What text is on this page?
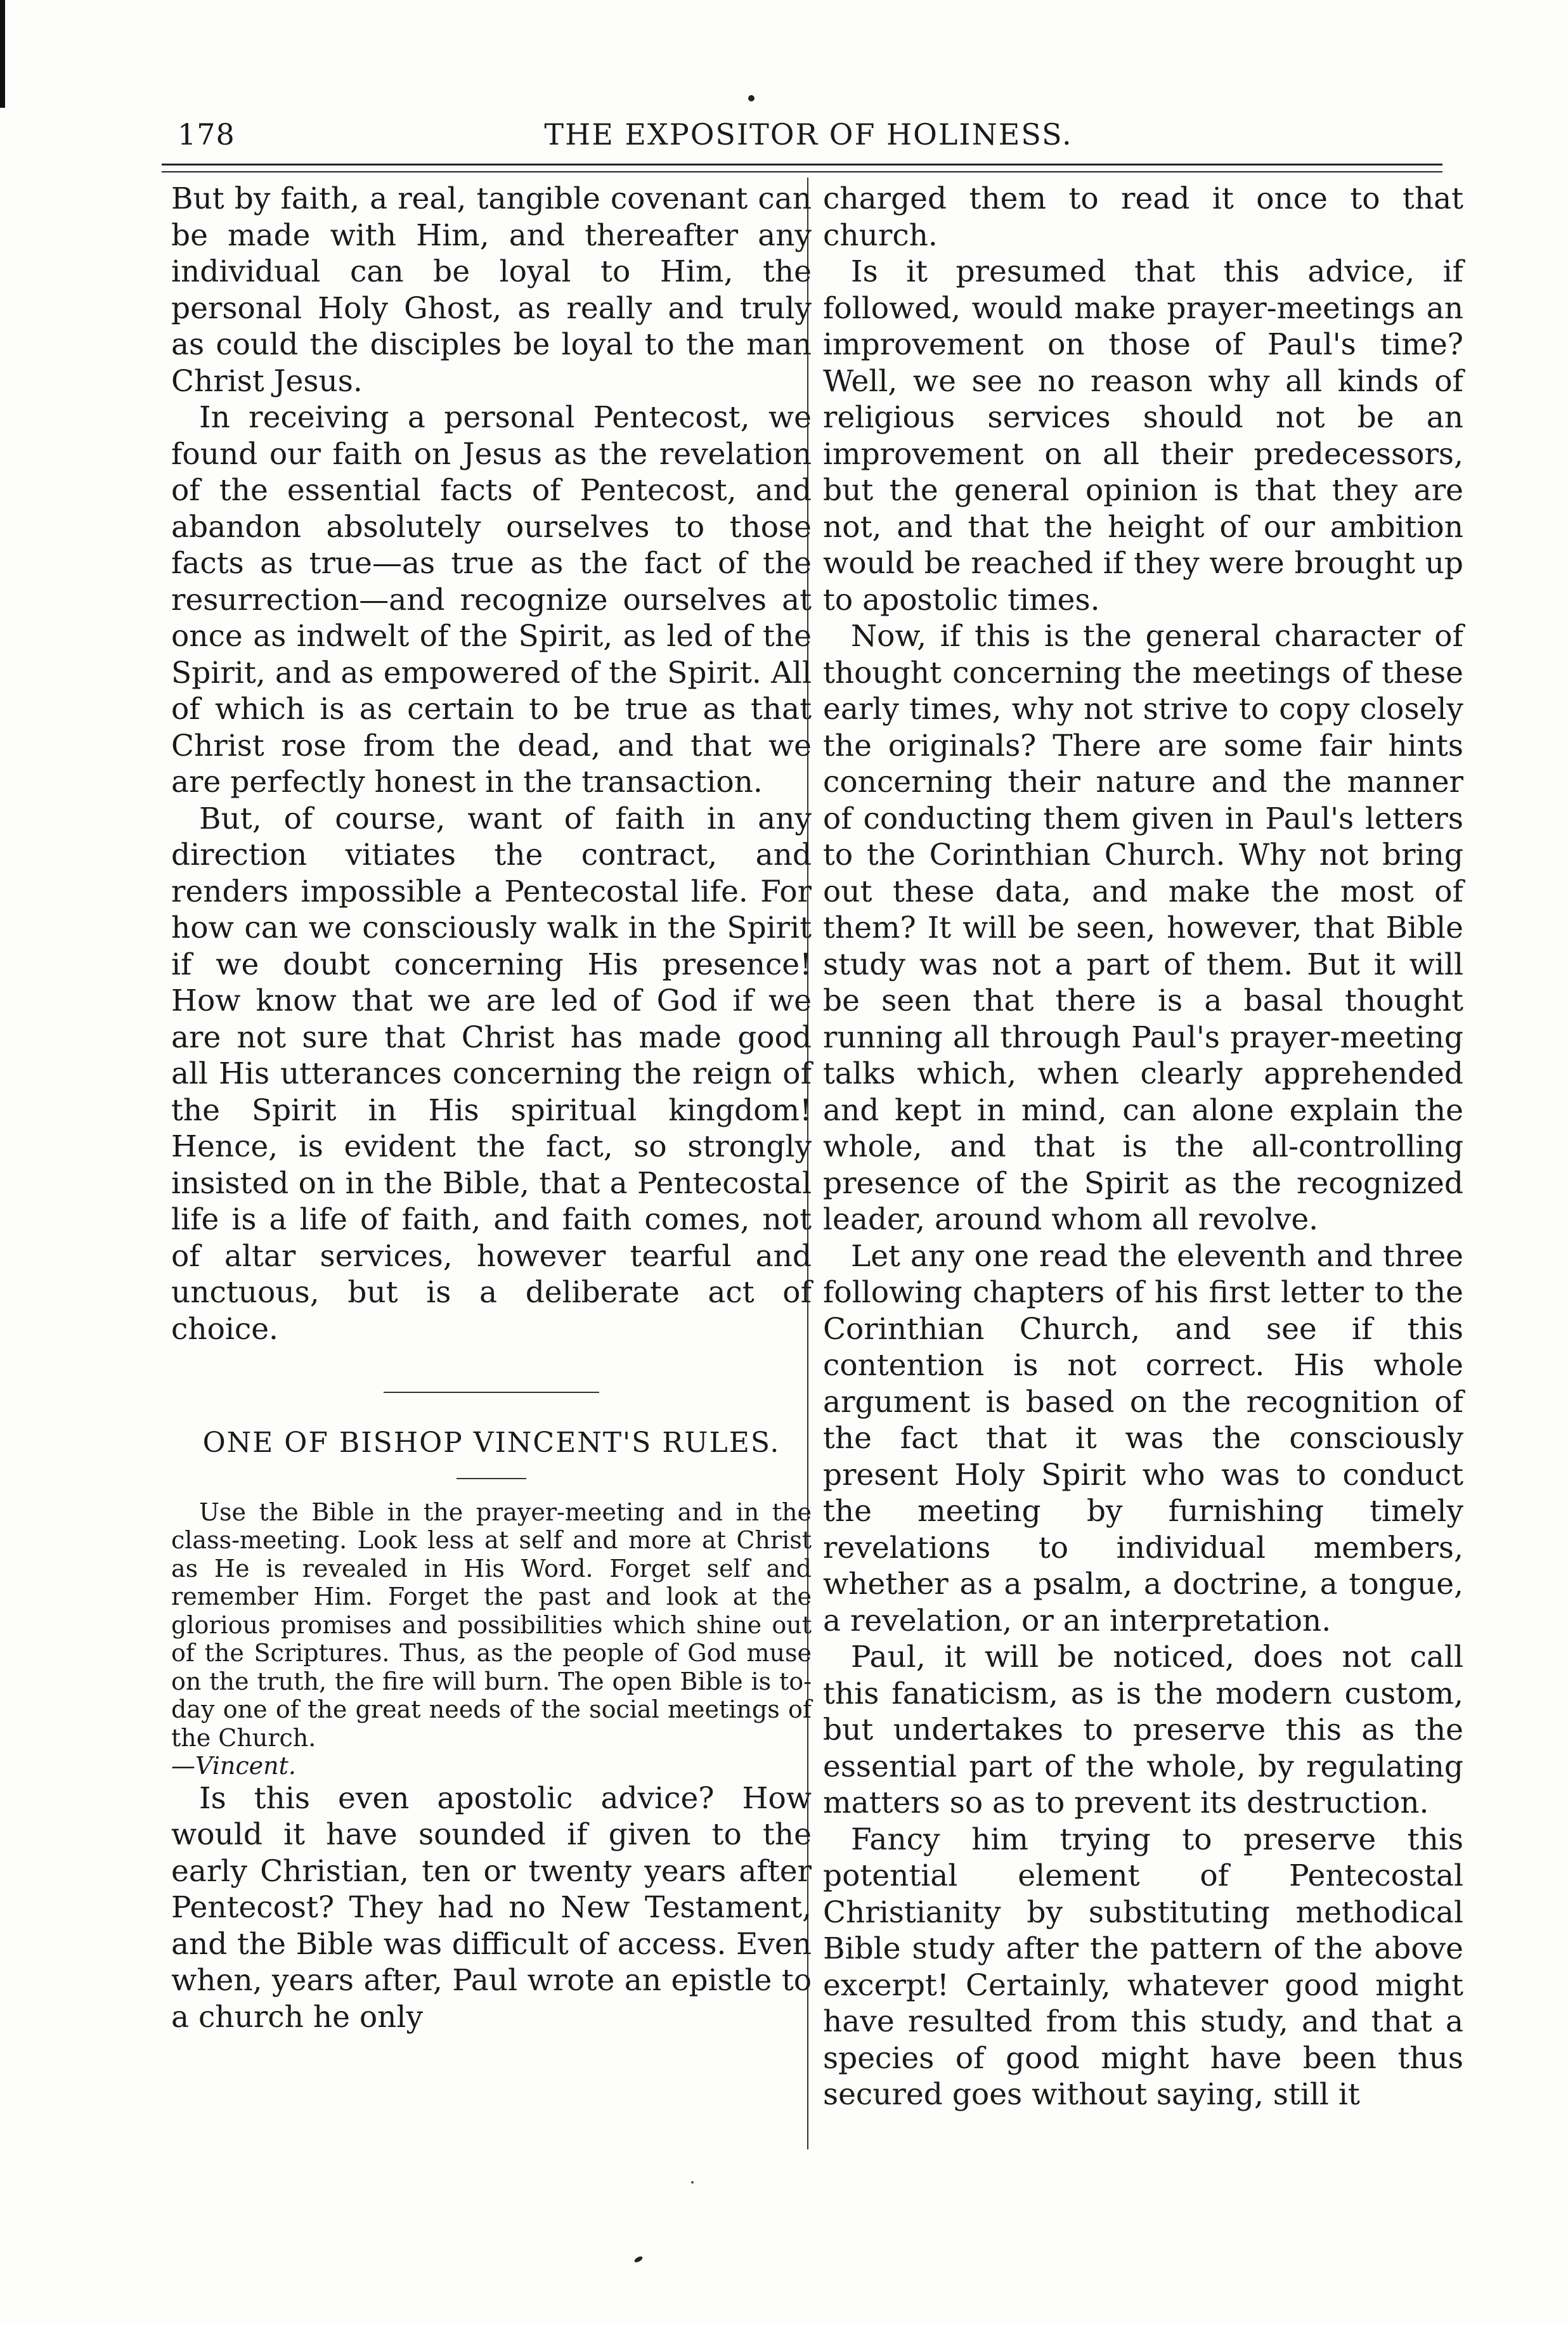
178	THE EXPOSITOR OF HOLINESS.

But by faith, a real, tangible covenant can be made with Him, and thereafter any individual can be loyal to Him, the personal Holy Ghost, as really and truly as could the disciples be loyal to the man Christ Jesus.

In receiving a personal Pentecost, we found our faith on Jesus as the revelation of the essential facts of Pentecost, and abandon absolutely ourselves to those facts as true—as true as the fact of the resurrection—and recognize ourselves at once as indwelt of the Spirit, as led of the Spirit, and as empowered of the Spirit. All of which is as certain to be true as that Christ rose from the dead, and that we are perfectly honest in the transaction.

But, of course, want of faith in any direction vitiates the contract, and renders impossible a Pentecostal life. For how can we consciously walk in the Spirit if we doubt concerning His presence! How know that we are led of God if we are not sure that Christ has made good all His utterances concerning the reign of the Spirit in His spiritual kingdom! Hence, is evident the fact, so strongly insisted on in the Bible, that a Pentecostal life is a life of faith, and faith comes, not of altar services, however tearful and unctuous, but is a deliberate act of choice.

ONE OF BISHOP VINCENT'S RULES.

Use the Bible in the prayer-meeting and in the class-meeting. Look less at self and more at Christ as He is revealed in His Word. Forget self and remember Him. Forget the past and look at the glorious promises and possibilities which shine out of the Scriptures. Thus, as the people of God muse on the truth, the fire will burn. The open Bible is to-day one of the great needs of the social meetings of the Church.

—Vincent.

Is this even apostolic advice? How would it have sounded if given to the early Christian, ten or twenty years after Pentecost? They had no New Testament, and the Bible was difficult of access. Even when, years after, Paul wrote an epistle to a church he only

charged them to read it once to that church.

Is it presumed that this advice, if followed, would make prayer-meetings an improvement on those of Paul's time? Well, we see no reason why all kinds of religious services should not be an improvement on all their predecessors, but the general opinion is that they are not, and that the height of our ambition would be reached if they were brought up to apostolic times.

Now, if this is the general character of thought concerning the meetings of these early times, why not strive to copy closely the originals? There are some fair hints concerning their nature and the manner of conducting them given in Paul's letters to the Corinthian Church. Why not bring out these data, and make the most of them? It will be seen, however, that Bible study was not a part of them. But it will be seen that there is a basal thought running all through Paul's prayer-meeting talks which, when clearly apprehended and kept in mind, can alone explain the whole, and that is the all-controlling presence of the Spirit as the recognized leader, around whom all revolve.

Let any one read the eleventh and three following chapters of his first letter to the Corinthian Church, and see if this contention is not correct. His whole argument is based on the recognition of the fact that it was the consciously present Holy Spirit who was to conduct the meeting by furnishing timely revelations to individual members, whether as a psalm, a doctrine, a tongue, a revelation, or an interpretation.

Paul, it will be noticed, does not call this fanaticism, as is the modern custom, but undertakes to preserve this as the essential part of the whole, by regulating matters so as to prevent its destruction.

Fancy him trying to preserve this potential element of Pentecostal Christianity by substituting methodical Bible study after the pattern of the above excerpt! Certainly, whatever good might have resulted from this study, and that a species of good might have been thus secured goes without saying, still it
